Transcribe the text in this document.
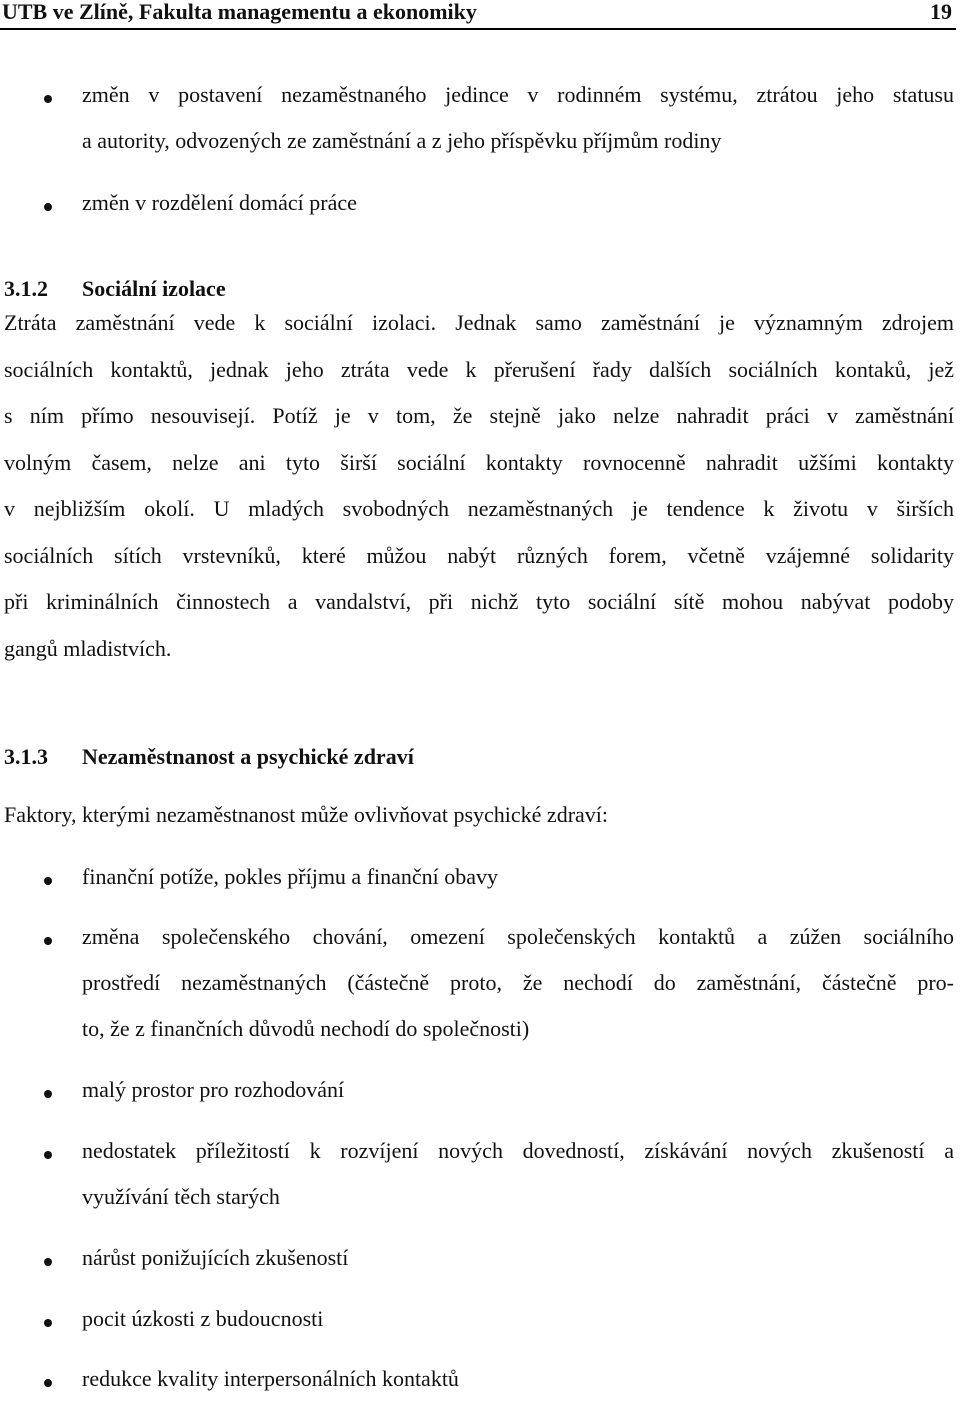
UTB ve Zlíně, Fakulta managementu a ekonomiky	19
změn v postavení nezaměstnaného jedince v rodinném systému, ztrátou jeho statusu
a autority, odvozených ze zaměstnání a z jeho příspěvku příjmům rodiny
změn v rozdělení domácí práce
3.1.2 Sociální izolace
Ztráta zaměstnání vede k sociální izolaci. Jednak samo zaměstnání je významným zdrojem
sociálních kontaktů, jednak jeho ztráta vede k přerušení řady dalších sociálních kontaků, jež
s ním přímo nesouvisejí. Potíž je v tom, že stejně jako nelze nahradit práci v zaměstnání
volným časem, nelze ani tyto širší sociální kontakty rovnocenně nahradit užšími kontakty
v nejbližším okolí. U mladých svobodných nezaměstnaných je tendence k životu v širších
sociálních sítích vrstevníků, které můžou nabýt různých forem, včetně vzájemné solidarity
při kriminálních činnostech a vandalství, při nichž tyto sociální sítě mohou nabývat podoby
gangů mladistvích.
3.1.3 Nezaměstnanost a psychické zdraví
Faktory, kterými nezaměstnanost může ovlivňovat psychické zdraví:
finanční potíže, pokles příjmu a finanční obavy
změna společenského chování, omezení společenských kontaktů a zúžen sociálního
prostředí nezaměstnaných (částečně proto, že nechodí do zaměstnání, částečně pro-
to, že z finančních důvodů nechodí do společnosti)
malý prostor pro rozhodování
nedostatek příležitostí k rozvíjení nových dovedností, získávání nových zkušeností a
využívání těch starých
nárůst ponižujících zkušeností
pocit úzkosti z budoucnosti
redukce kvality interpersonálních kontaktů
